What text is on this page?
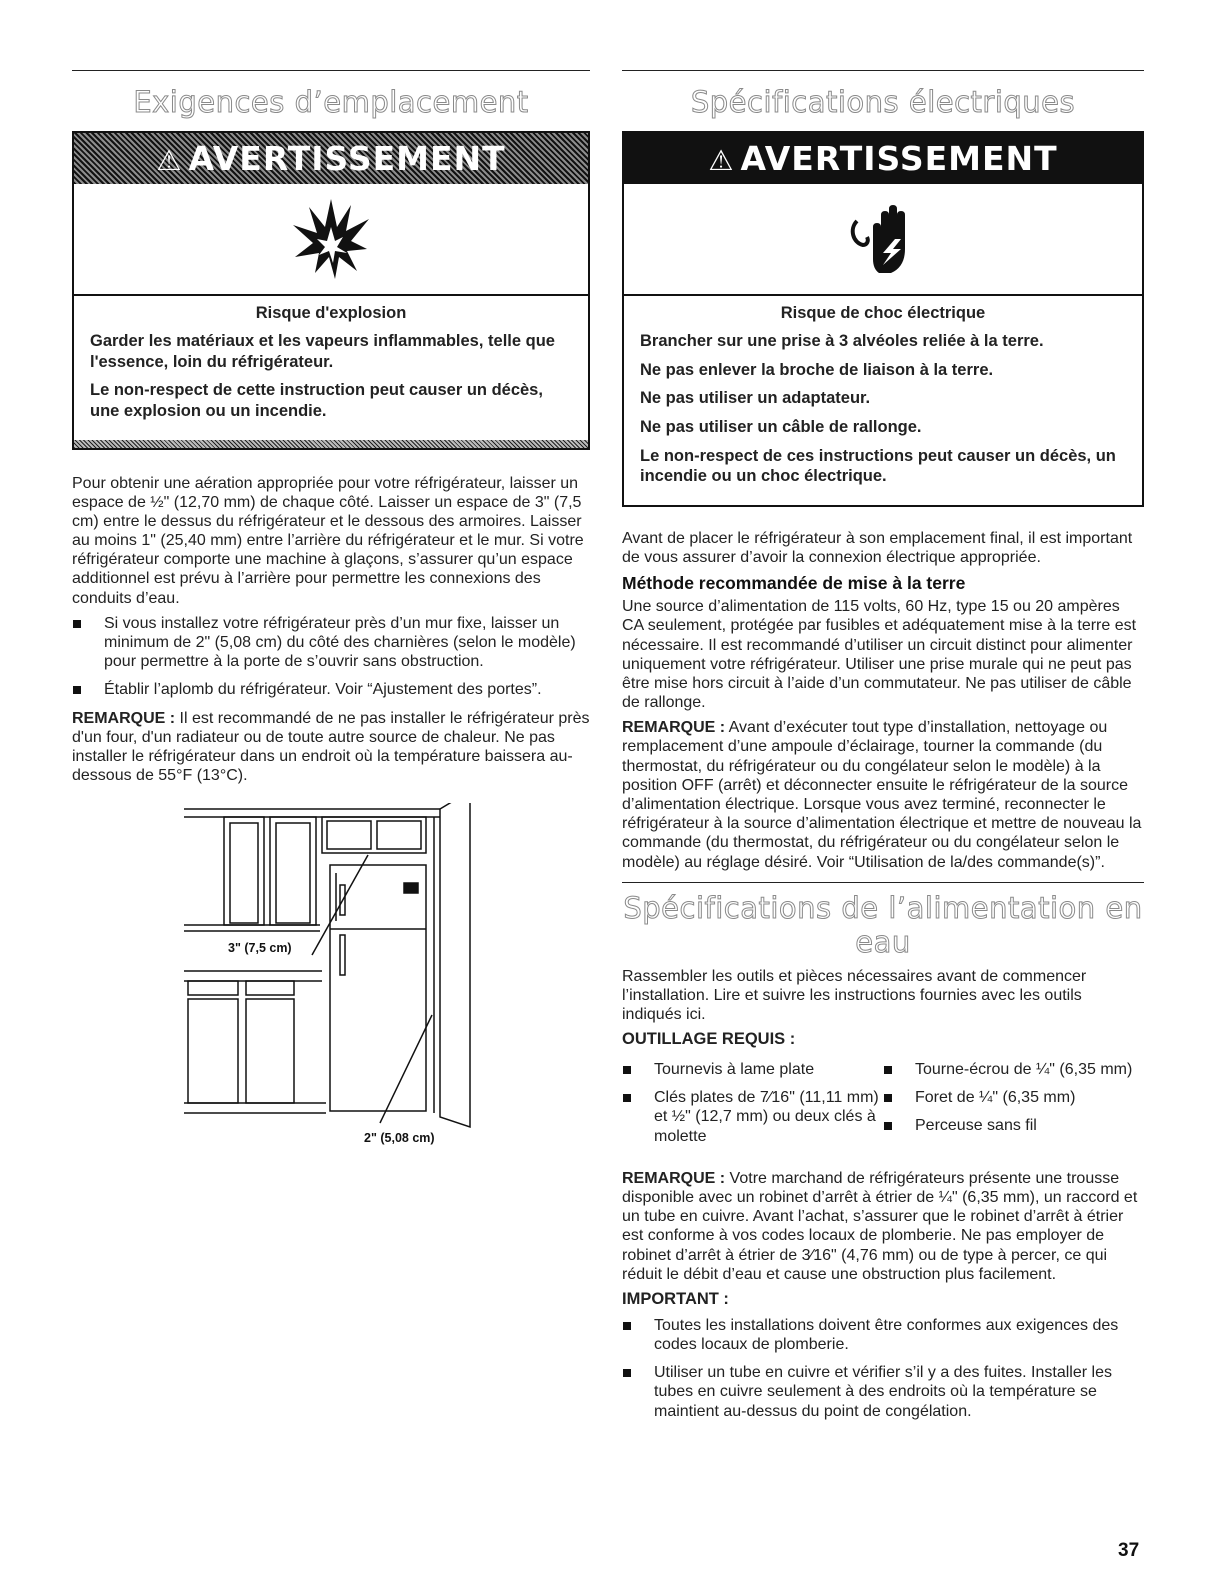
Exigences d’emplacement
⚠ AVERTISSEMENT
Risque d'explosion

Garder les matériaux et les vapeurs inflammables, telle que l'essence, loin du réfrigérateur.

Le non-respect de cette instruction peut causer un décès, une explosion ou un incendie.

Pour obtenir une aération appropriée pour votre réfrigérateur, laisser un espace de ½" (12,70 mm) de chaque côté. Laisser un espace de 3" (7,5 cm) entre le dessus du réfrigérateur et le dessous des armoires. Laisser au moins 1" (25,40 mm) entre l’arrière du réfrigérateur et le mur. Si votre réfrigérateur comporte une machine à glaçons, s’assurer qu’un espace additionnel est prévu à l’arrière pour permettre les connexions des conduits d’eau.

Si vous installez votre réfrigérateur près d’un mur fixe, laisser un minimum de 2" (5,08 cm) du côté des charnières (selon le modèle) pour permettre à la porte de s’ouvrir sans obstruction.
Établir l’aplomb du réfrigérateur. Voir “Ajustement des portes”.

REMARQUE : Il est recommandé de ne pas installer le réfrigérateur près d'un four, d'un radiateur ou de toute autre source de chaleur. Ne pas installer le réfrigérateur dans un endroit où la température baissera au-dessous de 55°F (13°C).

3" (7,5 cm)
2" (5,08 cm)
Spécifications électriques
⚠ AVERTISSEMENT
Risque de choc électrique

Brancher sur une prise à 3 alvéoles reliée à la terre.

Ne pas enlever la broche de liaison à la terre.

Ne pas utiliser un adaptateur.

Ne pas utiliser un câble de rallonge.

Le non-respect de ces instructions peut causer un décès, un incendie ou un choc électrique.

Avant de placer le réfrigérateur à son emplacement final, il est important de vous assurer d’avoir la connexion électrique appropriée.

Méthode recommandée de mise à la terre

Une source d’alimentation de 115 volts, 60 Hz, type 15 ou 20 ampères CA seulement, protégée par fusibles et adéquatement mise à la terre est nécessaire. Il est recommandé d’utiliser un circuit distinct pour alimenter uniquement votre réfrigérateur. Utiliser une prise murale qui ne peut pas être mise hors circuit à l’aide d’un commutateur. Ne pas utiliser de câble de rallonge.

REMARQUE : Avant d’exécuter tout type d’installation, nettoyage ou remplacement d’une ampoule d’éclairage, tourner la commande (du thermostat, du réfrigérateur ou du congélateur selon le modèle) à la position OFF (arrêt) et déconnecter ensuite le réfrigérateur de la source d’alimentation électrique. Lorsque vous avez terminé, reconnecter le réfrigérateur à la source d’alimentation électrique et mettre de nouveau la commande (du thermostat, du réfrigérateur ou du congélateur selon le modèle) au réglage désiré. Voir “Utilisation de la/des commande(s)”.

Spécifications de l’alimentation en eau

Rassembler les outils et pièces nécessaires avant de commencer l’installation. Lire et suivre les instructions fournies avec les outils indiqués ici.

OUTILLAGE REQUIS :
Tournevis à lame plate
Clés plates de 7⁄16" (11,11 mm) et ½" (12,7 mm) ou deux clés à molette
Tourne-écrou de ¼" (6,35 mm)
Foret de ¼" (6,35 mm)
Perceuse sans fil

REMARQUE : Votre marchand de réfrigérateurs présente une trousse disponible avec un robinet d’arrêt à étrier de ¼" (6,35 mm), un raccord et un tube en cuivre. Avant l’achat, s’assurer que le robinet d’arrêt à étrier est conforme à vos codes locaux de plomberie. Ne pas employer de robinet d’arrêt à étrier de 3⁄16" (4,76 mm) ou de type à percer, ce qui réduit le débit d’eau et cause une obstruction plus facilement.

IMPORTANT :
Toutes les installations doivent être conformes aux exigences des codes locaux de plomberie.
Utiliser un tube en cuivre et vérifier s’il y a des fuites. Installer les tubes en cuivre seulement à des endroits où la température se maintient au-dessus du point de congélation.
37
